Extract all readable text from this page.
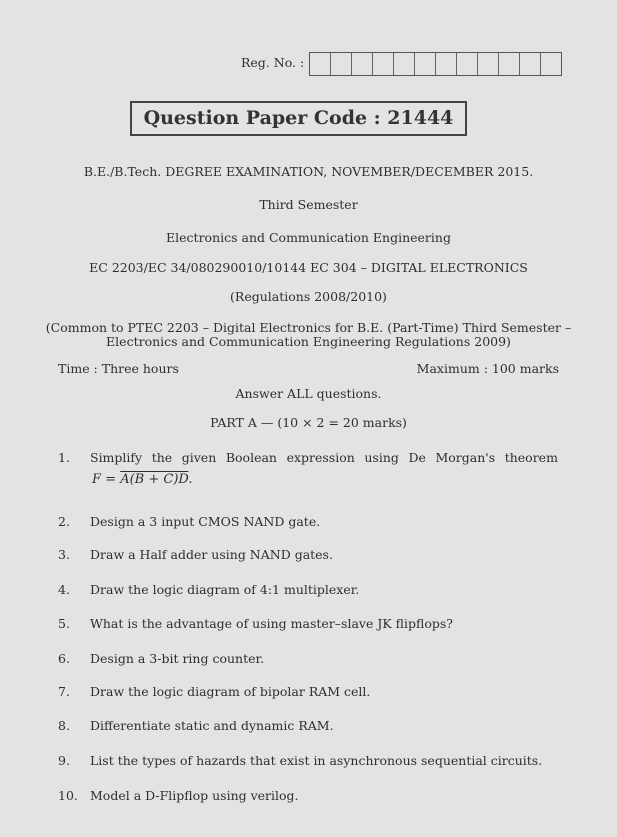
Reg. No. :
Question Paper Code : 21444
B.E./B.Tech. DEGREE EXAMINATION, NOVEMBER/DECEMBER 2015.
Third Semester
Electronics and Communication Engineering
EC 2203/EC 34/080290010/10144 EC 304 – DIGITAL ELECTRONICS
(Regulations 2008/2010)
(Common to PTEC 2203 – Digital Electronics for B.E. (Part-Time) Third Semester –
Electronics and Communication Engineering Regulations 2009)
Time : Three hours	Maximum : 100 marks
Answer ALL questions.
PART A — (10 × 2 = 20 marks)
1. Simplify the given Boolean expression using De Morgan's theorem
F = A(B + C)D.
2. Design a 3 input CMOS NAND gate.
3. Draw a Half adder using NAND gates.
4. Draw the logic diagram of 4:1 multiplexer.
5. What is the advantage of using master–slave JK flipflops?
6. Design a 3-bit ring counter.
7. Draw the logic diagram of bipolar RAM cell.
8. Differentiate static and dynamic RAM.
9. List the types of hazards that exist in asynchronous sequential circuits.
10. Model a D-Flipflop using verilog.
